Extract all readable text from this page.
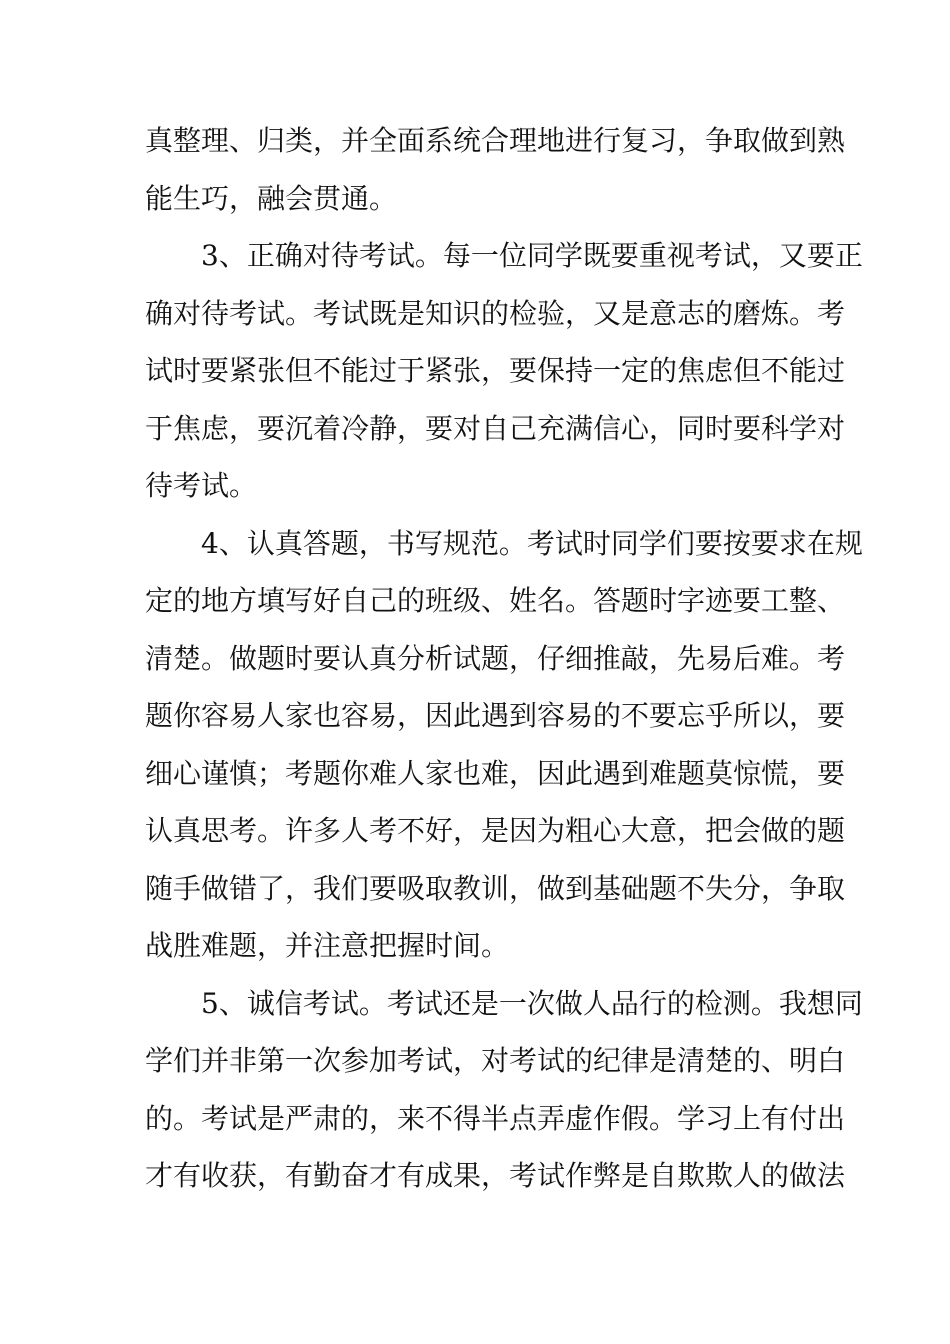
真整理、归类，并全面系统合理地进行复习，争取做到熟
能生巧，融会贯通。
3、正确对待考试。每一位同学既要重视考试，又要正
确对待考试。考试既是知识的检验，又是意志的磨炼。考
试时要紧张但不能过于紧张，要保持一定的焦虑但不能过
于焦虑，要沉着冷静，要对自己充满信心，同时要科学对
待考试。
4、认真答题，书写规范。考试时同学们要按要求在规
定的地方填写好自己的班级、姓名。答题时字迹要工整、
清楚。做题时要认真分析试题，仔细推敲，先易后难。考
题你容易人家也容易，因此遇到容易的不要忘乎所以，要
细心谨慎；考题你难人家也难，因此遇到难题莫惊慌，要
认真思考。许多人考不好，是因为粗心大意，把会做的题
随手做错了，我们要吸取教训，做到基础题不失分，争取
战胜难题，并注意把握时间。
5、诚信考试。考试还是一次做人品行的检测。我想同
学们并非第一次参加考试，对考试的纪律是清楚的、明白
的。考试是严肃的，来不得半点弄虚作假。学习上有付出
才有收获，有勤奋才有成果，考试作弊是自欺欺人的做法
